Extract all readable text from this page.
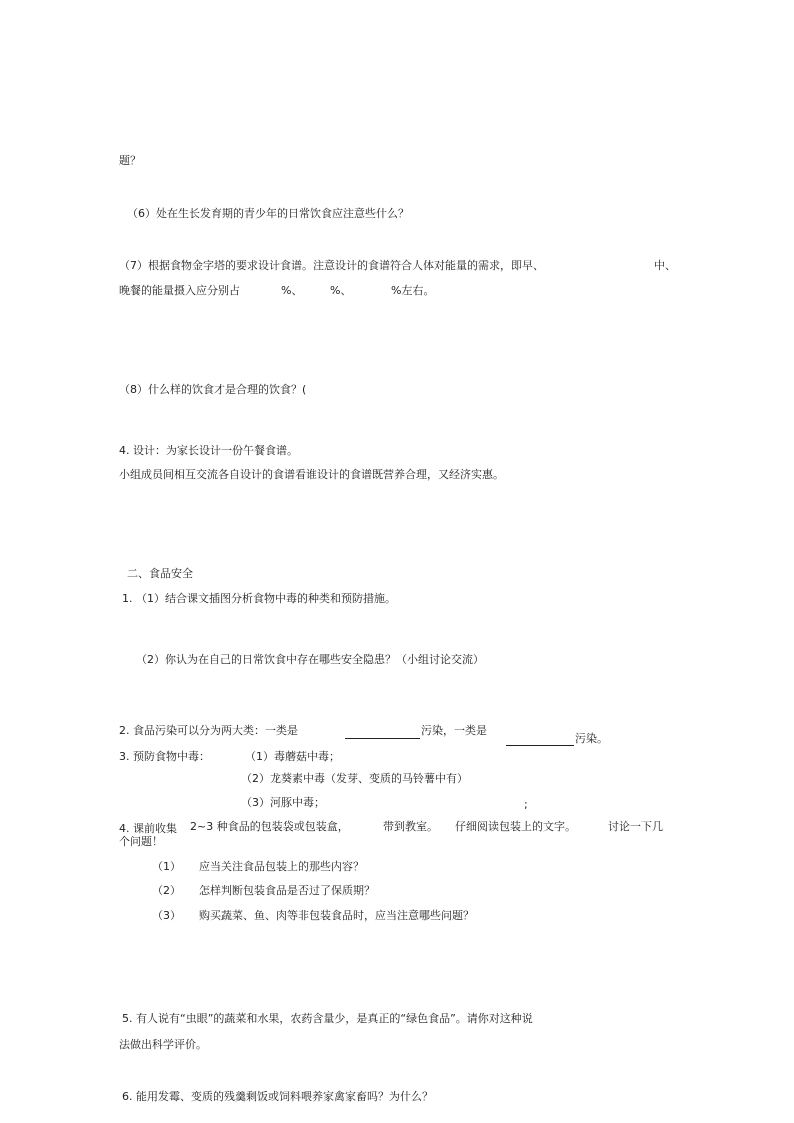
题？
（6）处在生长发育期的青少年的日常饮食应注意些什么？
（7）根据食物金字塔的要求设计食谱。注意设计的食谱符合人体对能量的需求，即早、	中、
晚餐的能量摄入应分别占	%、	%、	%左右。
（8）什么样的饮食才是合理的饮食？(
4. 设计：为家长设计一份午餐食谱。
小组成员间相互交流各自设计的食谱看谁设计的食谱既营养合理，又经济实惠。
二、食品安全
1. （1）结合课文插图分析食物中毒的种类和预防措施。
（2）你认为在自己的日常饮食中存在哪些安全隐患？（小组讨论交流）
2. 食品污染可以分为两大类：一类是	污染，一类是
污染。
3. 预防食物中毒：	（1）毒蘑菇中毒；
（2）龙葵素中毒（发芽、变质的马铃薯中有）
（3）河豚中毒；	;
4. 课前收集 2~3 种食品的包装袋或包装盒，	带到教室。 仔细阅读包装上的文字。	讨论一下几
个问题！
（1） 应当关注食品包装上的那些内容？
（2） 怎样判断包装食品是否过了保质期？
（3） 购买蔬菜、鱼、肉等非包装食品时，应当注意哪些问题？
5. 有人说有“虫眼”的蔬菜和水果，农药含量少，是真正的“绿色食品”。请你对这种说
法做出科学评价。
6. 能用发霉、变质的残羹剩饭或饲料喂养家禽家畜吗？为什么？
